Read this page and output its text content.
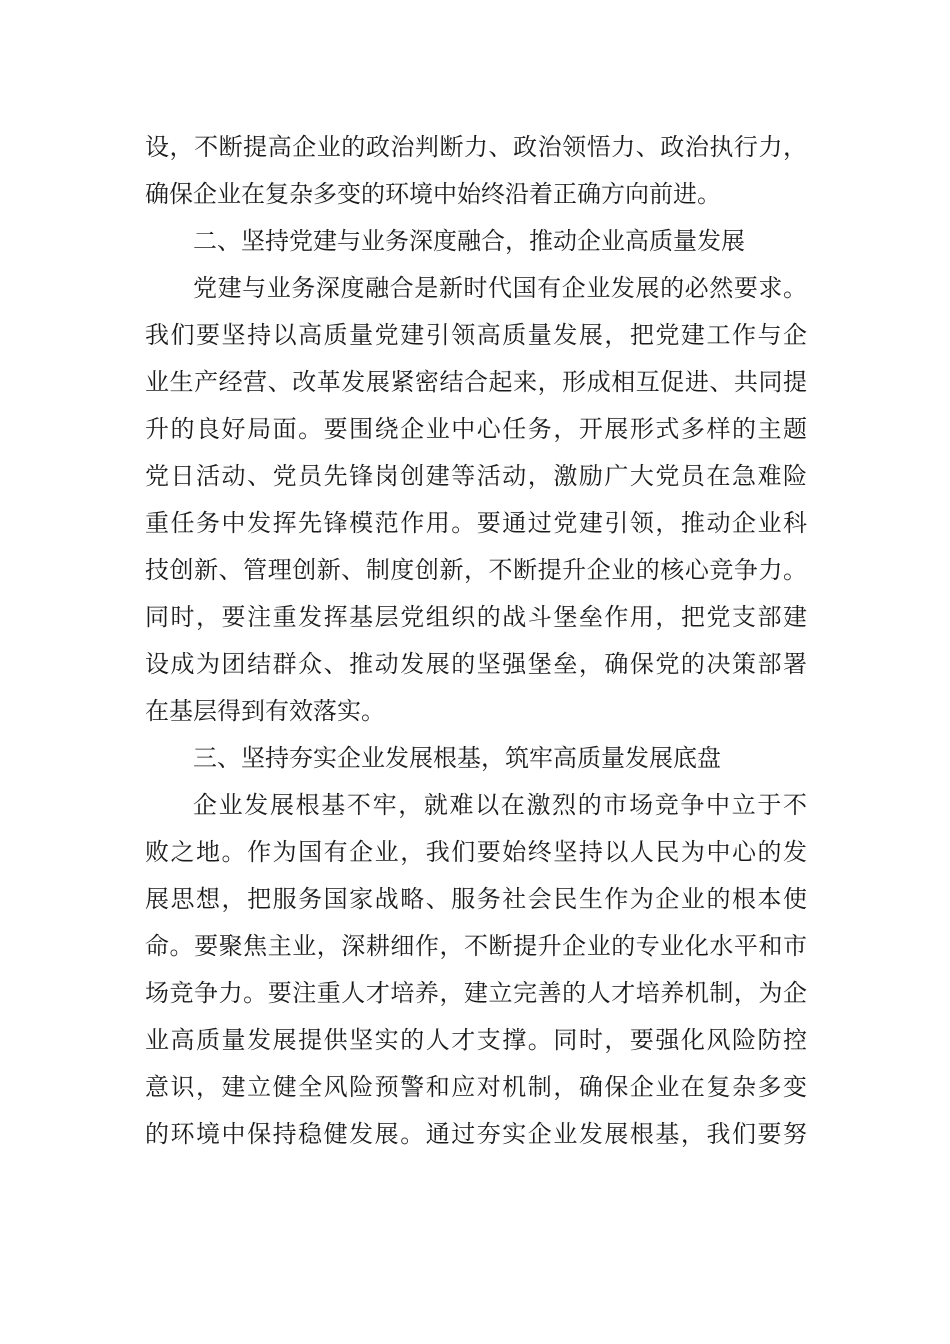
设，不断提高企业的政治判断力、政治领悟力、政治执行力，
确保企业在复杂多变的环境中始终沿着正确方向前进。
二、坚持党建与业务深度融合，推动企业高质量发展
党建与业务深度融合是新时代国有企业发展的必然要求。
我们要坚持以高质量党建引领高质量发展，把党建工作与企
业生产经营、改革发展紧密结合起来，形成相互促进、共同提
升的良好局面。要围绕企业中心任务，开展形式多样的主题
党日活动、党员先锋岗创建等活动，激励广大党员在急难险
重任务中发挥先锋模范作用。要通过党建引领，推动企业科
技创新、管理创新、制度创新，不断提升企业的核心竞争力。
同时，要注重发挥基层党组织的战斗堡垒作用，把党支部建
设成为团结群众、推动发展的坚强堡垒，确保党的决策部署
在基层得到有效落实。
三、坚持夯实企业发展根基，筑牢高质量发展底盘
企业发展根基不牢，就难以在激烈的市场竞争中立于不
败之地。作为国有企业，我们要始终坚持以人民为中心的发
展思想，把服务国家战略、服务社会民生作为企业的根本使
命。要聚焦主业，深耕细作，不断提升企业的专业化水平和市
场竞争力。要注重人才培养，建立完善的人才培养机制，为企
业高质量发展提供坚实的人才支撑。同时，要强化风险防控
意识，建立健全风险预警和应对机制，确保企业在复杂多变
的环境中保持稳健发展。通过夯实企业发展根基，我们要努
